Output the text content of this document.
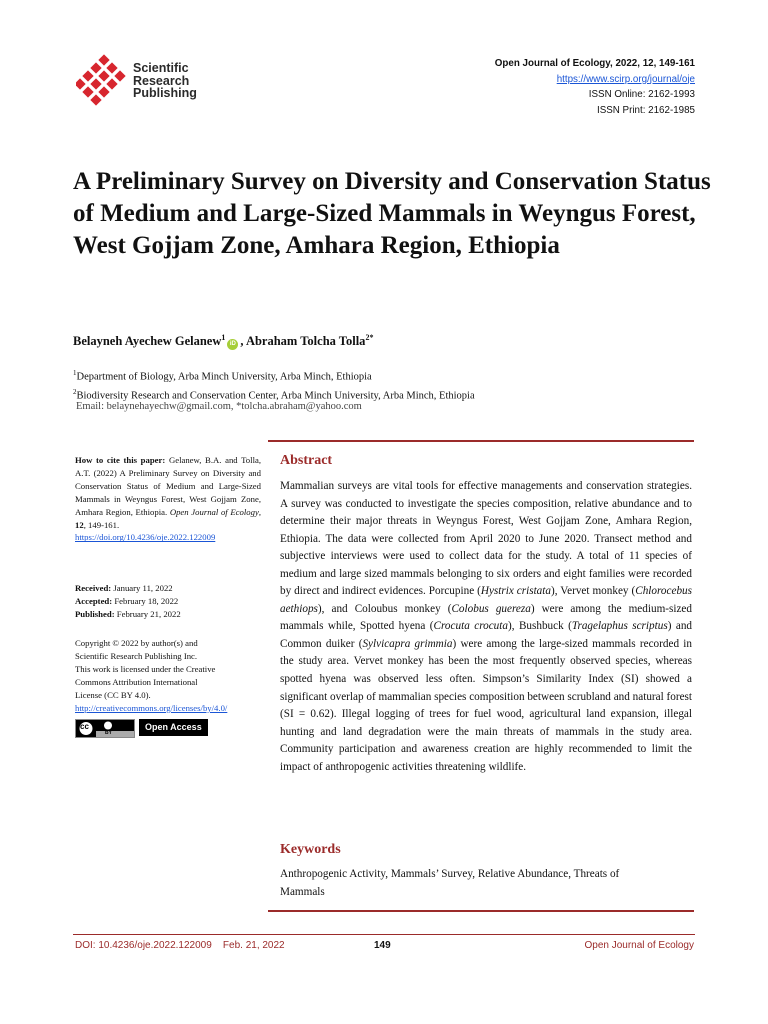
Scientific
Research
Publishing
Open Journal of Ecology, 2022, 12, 149-161
https://www.scirp.org/journal/oje
ISSN Online: 2162-1993
ISSN Print: 2162-1985
A Preliminary Survey on Diversity and Conservation Status of Medium and Large-Sized Mammals in Weyngus Forest, West Gojjam Zone, Amhara Region, Ethiopia
Belayneh Ayechew Gelanew$^1$iD , Abraham Tolcha Tolla$^{2*}$
$^1$Department of Biology, Arba Minch University, Arba Minch, Ethiopia
$^2$Biodiversity Research and Conservation Center, Arba Minch University, Arba Minch, Ethiopia
Email: belaynehayechw@gmail.com, *tolcha.abraham@yahoo.com
How to cite this paper: Gelanew, B.A. and Tolla, A.T. (2022) A Preliminary Survey on Diversity and Conservation Status of Medium and Large-Sized Mammals in Weyngus Forest, West Gojjam Zone, Amhara Region, Ethiopia. Open Journal of Ecology, 12, 149-161.
https://doi.org/10.4236/oje.2022.122009
Received: January 11, 2022
Accepted: February 18, 2022
Published: February 21, 2022
Copyright © 2022 by author(s) and
Scientific Research Publishing Inc.
This work is licensed under the Creative
Commons Attribution International
License (CC BY 4.0).
http://creativecommons.org/licenses/by/4.0/
cc
BY
Open Access
Abstract
Mammalian surveys are vital tools for effective managements and conservation strategies. A survey was conducted to investigate the species composition, relative abundance and to determine their major threats in Weyngus Forest, West Gojjam Zone, Amhara Region, Ethiopia. The data were collected from April 2020 to June 2020. Transect method and subjective interviews were used to collect data for the study. A total of 11 species of medium and large sized mammals belonging to six orders and eight families were recorded by direct and indirect evidences. Porcupine (Hystrix cristata), Vervet monkey (Chlorocebus aethiops), and Coloubus monkey (Colobus guereza) were among the medium-sized mammals while, Spotted hyena (Crocuta crocuta), Bushbuck (Tragelaphus scriptus) and Common duiker (Sylvicapra grimmia) were among the large-sized mammals recorded in the study area. Vervet monkey has been the most frequently observed species, whereas spotted hyena was observed less often. Simpson’s Similarity Index (SI) showed a significant overlap of mammalian species composition between scrubland and natural forest (SI = 0.62). Illegal logging of trees for fuel wood, agricultural land expansion, illegal hunting and land degradation were the main threats of mammals in the study area. Community participation and awareness creation are highly recommended to limit the impact of anthropogenic activities threatening wildlife.
Keywords
Anthropogenic Activity, Mammals’ Survey, Relative Abundance, Threats of Mammals
DOI: 10.4236/oje.2022.122009 Feb. 21, 2022	149	Open Journal of Ecology
